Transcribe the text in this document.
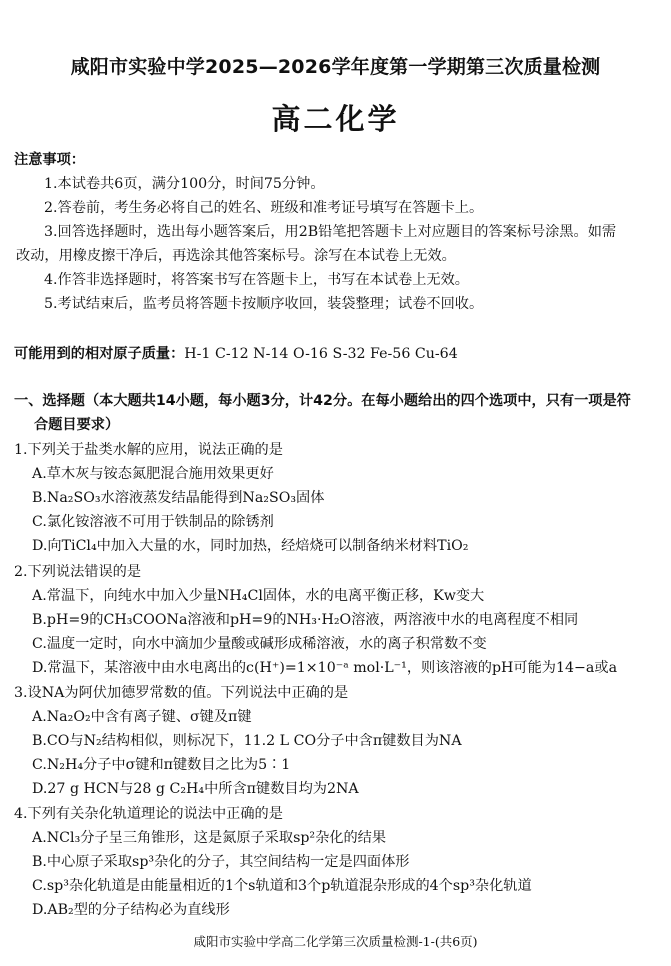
咸阳市实验中学2025—2026学年度第一学期第三次质量检测
高二化学
注意事项：
1.本试卷共6页，满分100分，时间75分钟。
2.答卷前，考生务必将自己的姓名、班级和准考证号填写在答题卡上。
3.回答选择题时，选出每小题答案后，用2B铅笔把答题卡上对应题目的答案标号涂黑。如需
改动，用橡皮擦干净后，再选涂其他答案标号。涂写在本试卷上无效。
4.作答非选择题时，将答案书写在答题卡上，书写在本试卷上无效。
5.考试结束后，监考员将答题卡按顺序收回，装袋整理；试卷不回收。
可能用到的相对原子质量：H-1 C-12 N-14 O-16 S-32 Fe-56 Cu-64
一、选择题（本大题共14小题，每小题3分，计42分。在每小题给出的四个选项中，只有一项是符
合题目要求）
1.下列关于盐类水解的应用，说法正确的是
A.草木灰与铵态氮肥混合施用效果更好
B.Na₂SO₃水溶液蒸发结晶能得到Na₂SO₃固体
C.氯化铵溶液不可用于铁制品的除锈剂
D.向TiCl₄中加入大量的水，同时加热，经焙烧可以制备纳米材料TiO₂
2.下列说法错误的是
A.常温下，向纯水中加入少量NH₄Cl固体，水的电离平衡正移，Kw变大
B.pH=9的CH₃COONa溶液和pH=9的NH₃·H₂O溶液，两溶液中水的电离程度不相同
C.温度一定时，向水中滴加少量酸或碱形成稀溶液，水的离子积常数不变
D.常温下，某溶液中由水电离出的c(H⁺)=1×10⁻ᵃ mol·L⁻¹，则该溶液的pH可能为14−a或a
3.设NA为阿伏加德罗常数的值。下列说法中正确的是
A.Na₂O₂中含有离子键、σ键及π键
B.CO与N₂结构相似，则标况下，11.2 L CO分子中含π键数目为NA
C.N₂H₄分子中σ键和π键数目之比为5∶1
D.27 g HCN与28 g C₂H₄中所含π键数目均为2NA
4.下列有关杂化轨道理论的说法中正确的是
A.NCl₃分子呈三角锥形，这是氮原子采取sp²杂化的结果
B.中心原子采取sp³杂化的分子，其空间结构一定是四面体形
C.sp³杂化轨道是由能量相近的1个s轨道和3个p轨道混杂形成的4个sp³杂化轨道
D.AB₂型的分子结构必为直线形
咸阳市实验中学高二化学第三次质量检测-1-(共6页)
